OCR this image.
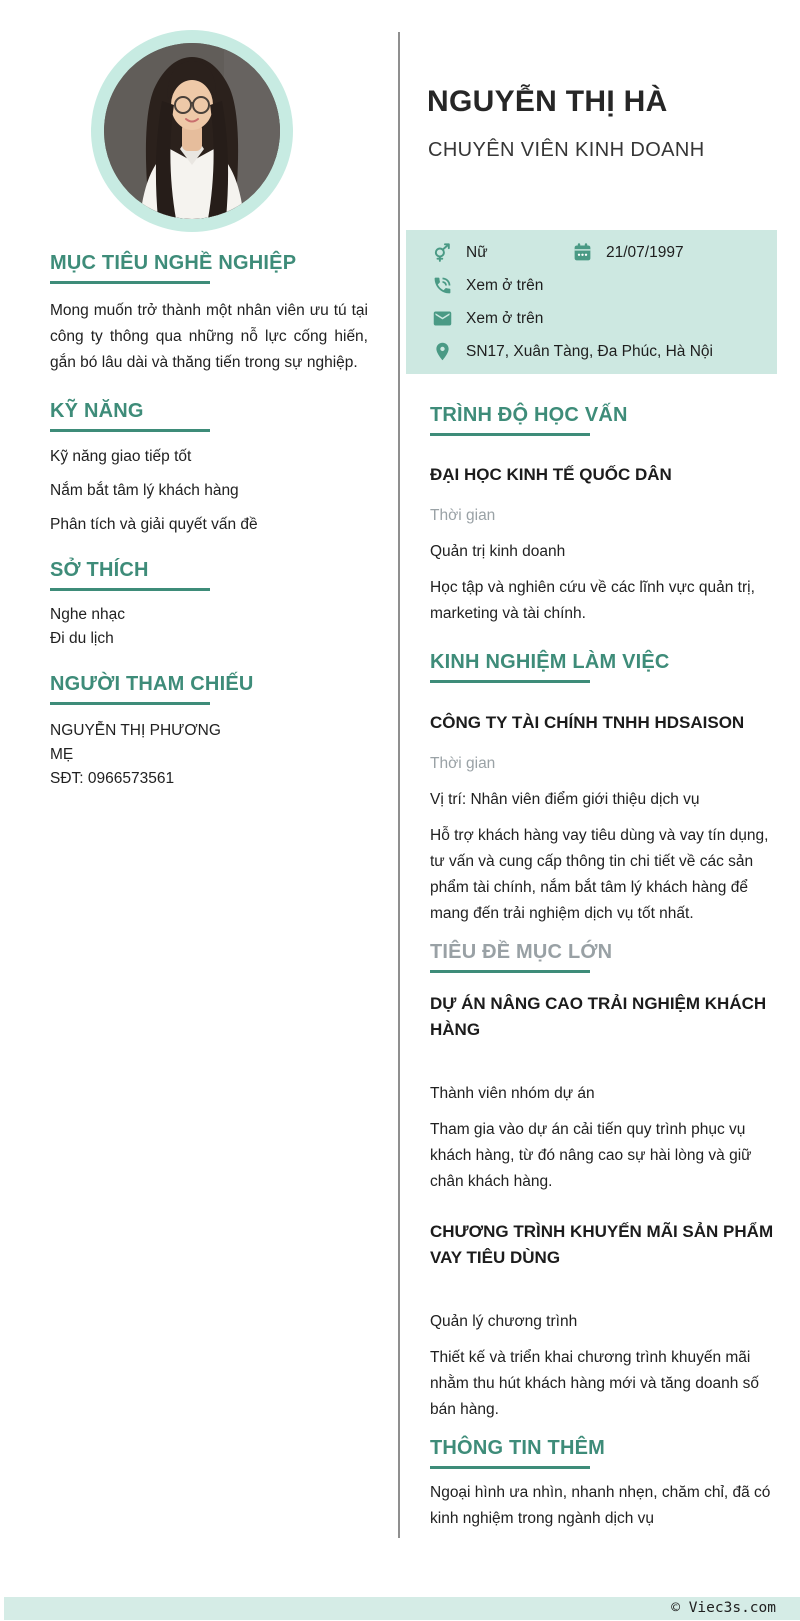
MỤC TIÊU NGHỀ NGHIỆP

Mong muốn trở thành một nhân viên ưu tú tại công ty thông qua những nỗ lực cống hiến, gắn bó lâu dài và thăng tiến trong sự nghiệp.

KỸ NĂNG
Kỹ năng giao tiếp tốt
Nắm bắt tâm lý khách hàng
Phân tích và giải quyết vấn đề
SỞ THÍCH
Nghe nhạc
Đi du lịch
NGƯỜI THAM CHIẾU
NGUYỄN THỊ PHƯƠNG
MẸ
SĐT: 0966573561
NGUYỄN THỊ HÀ

CHUYÊN VIÊN KINH DOANH

Nữ	21/07/1997
Xem ở trên
Xem ở trên
SN17, Xuân Tàng, Đa Phúc, Hà Nội
TRÌNH ĐỘ HỌC VẤN
ĐẠI HỌC KINH TẾ QUỐC DÂN
Thời gian

Quản trị kinh doanh

Học tập và nghiên cứu về các lĩnh vực quản trị, marketing và tài chính.

KINH NGHIỆM LÀM VIỆC
CÔNG TY TÀI CHÍNH TNHH HDSAISON
Thời gian

Vị trí: Nhân viên điểm giới thiệu dịch vụ

Hỗ trợ khách hàng vay tiêu dùng và vay tín dụng, tư vấn và cung cấp thông tin chi tiết về các sản phẩm tài chính, nắm bắt tâm lý khách hàng để mang đến trải nghiệm dịch vụ tốt nhất.

TIÊU ĐỀ MỤC LỚN
DỰ ÁN NÂNG CAO TRẢI NGHIỆM KHÁCH HÀNG

Thành viên nhóm dự án

Tham gia vào dự án cải tiến quy trình phục vụ khách hàng, từ đó nâng cao sự hài lòng và giữ chân khách hàng.

CHƯƠNG TRÌNH KHUYẾN MÃI SẢN PHẨM VAY TIÊU DÙNG

Quản lý chương trình

Thiết kế và triển khai chương trình khuyến mãi nhằm thu hút khách hàng mới và tăng doanh số bán hàng.

THÔNG TIN THÊM

Ngoại hình ưa nhìn, nhanh nhẹn, chăm chỉ, đã có kinh nghiệm trong ngành dịch vụ

© Viec3s.com
